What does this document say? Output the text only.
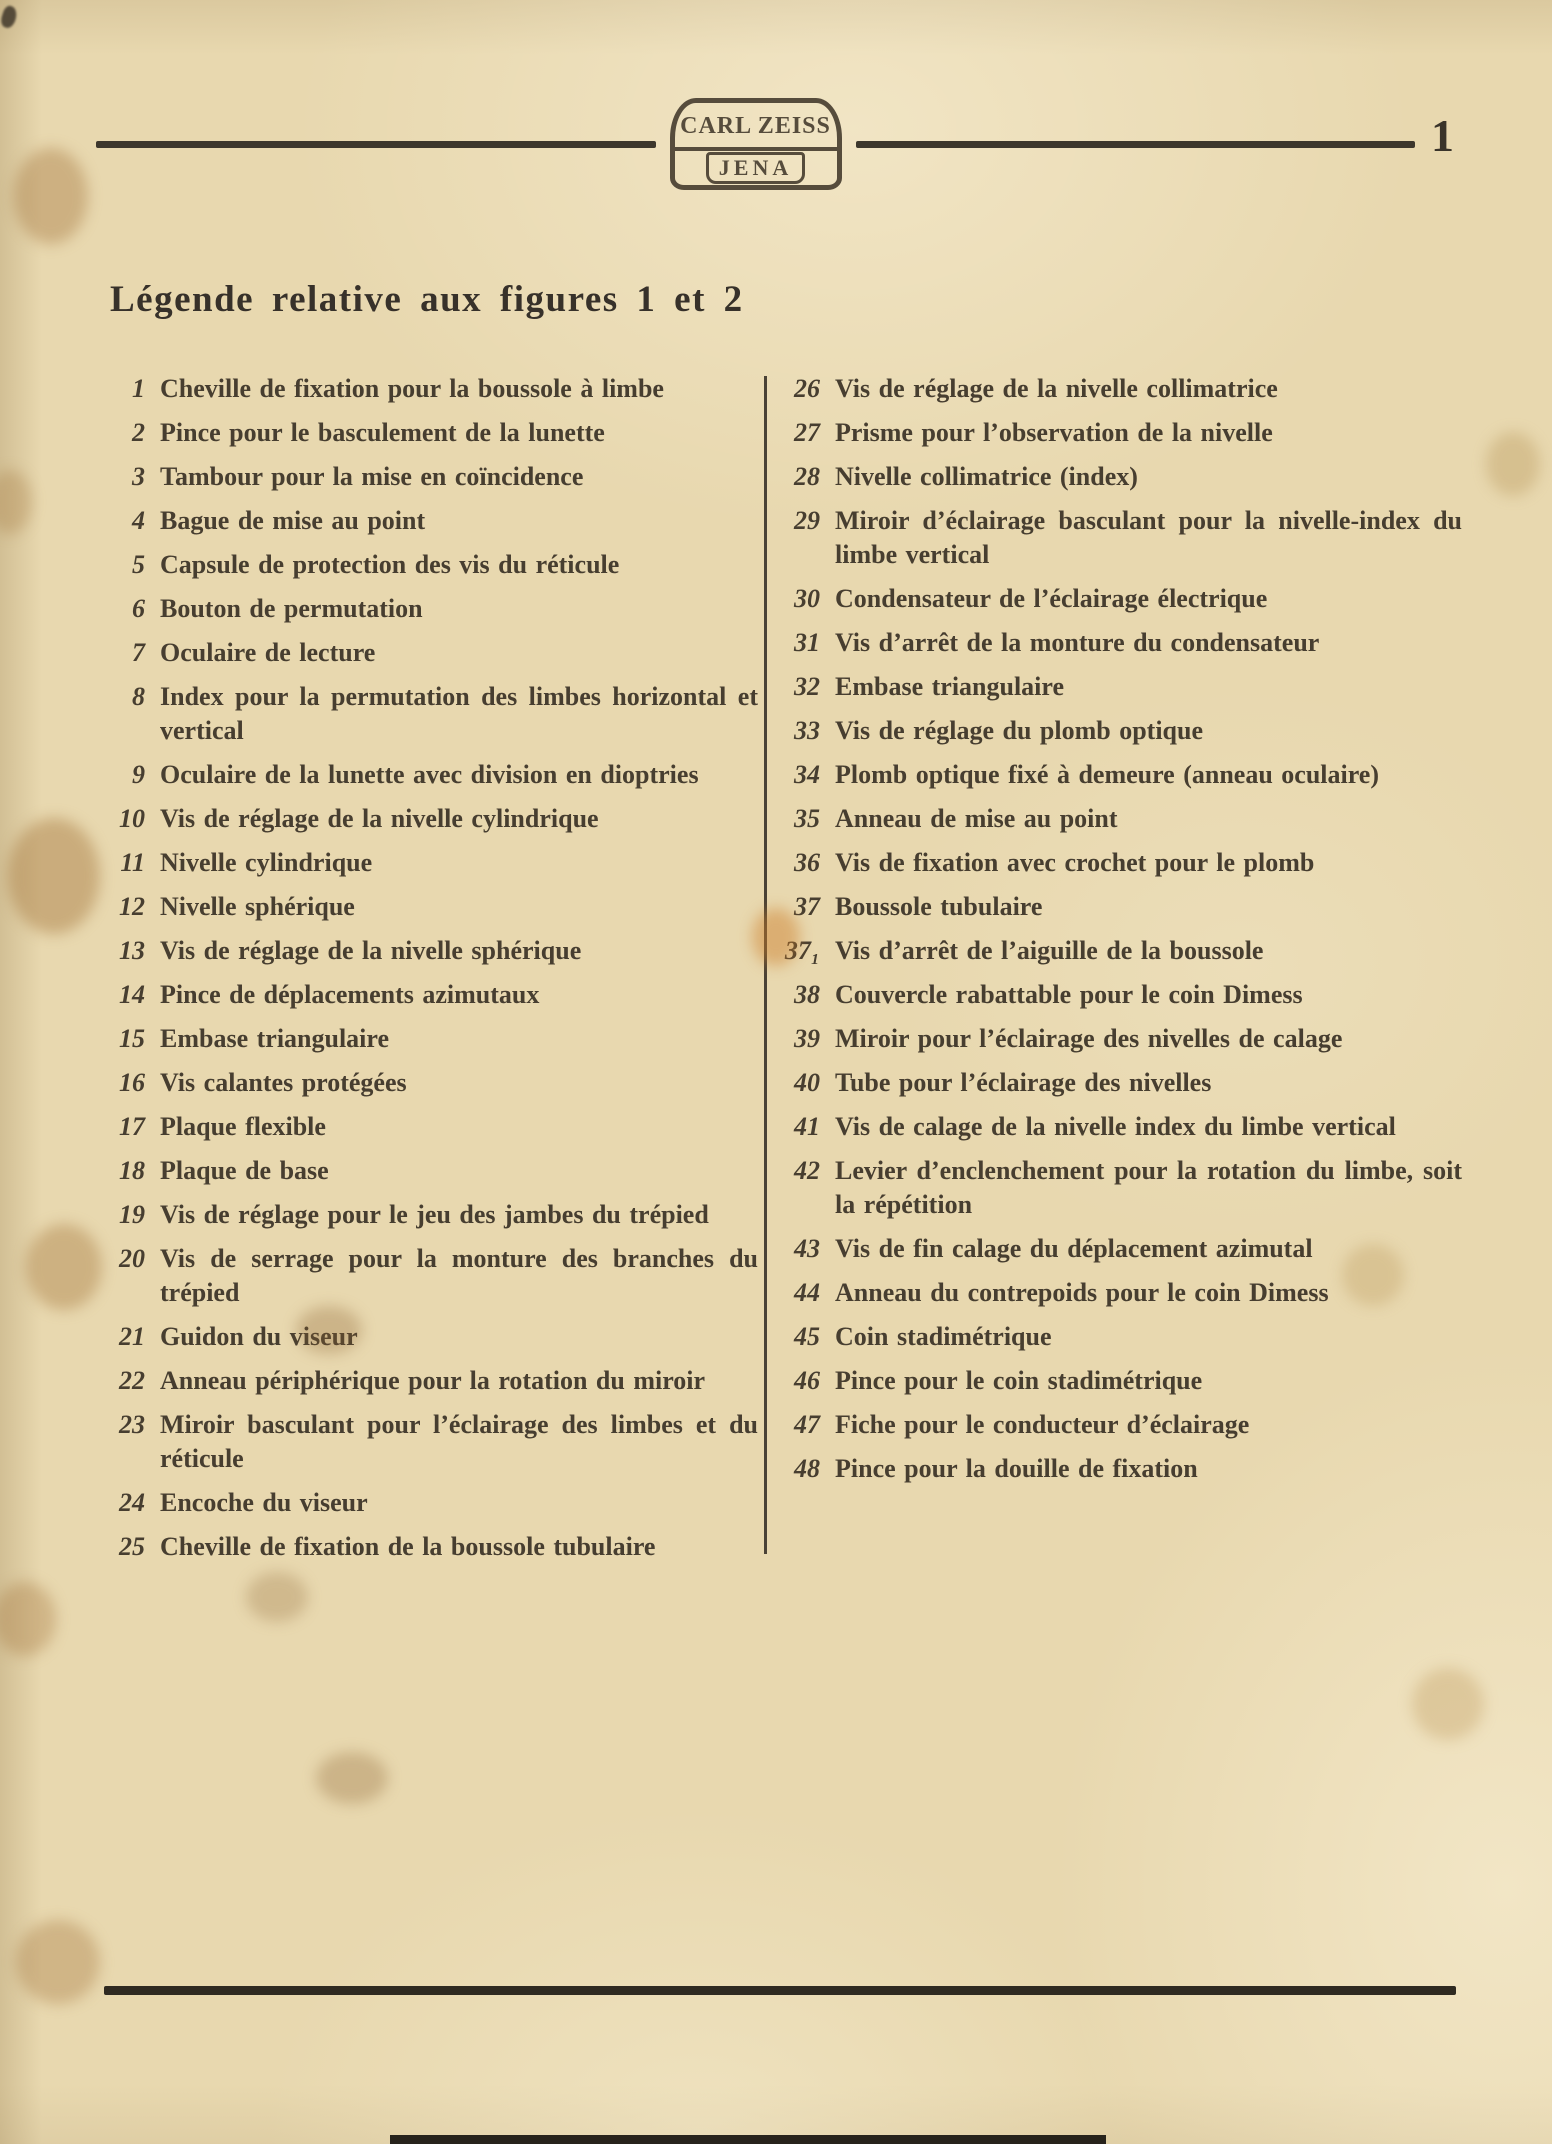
CARL ZEISS
JENA
1
Légende relative aux figures 1 et 2
1 Cheville de fixation pour la boussole à limbe
2 Pince pour le basculement de la lunette
3 Tambour pour la mise en coïncidence
4 Bague de mise au point
5 Capsule de protection des vis du réticule
6 Bouton de permutation
7 Oculaire de lecture
8 Index pour la permutation des limbes horizontal et vertical
9 Oculaire de la lunette avec division en dioptries
10 Vis de réglage de la nivelle cylindrique
11 Nivelle cylindrique
12 Nivelle sphérique
13 Vis de réglage de la nivelle sphérique
14 Pince de déplacements azimutaux
15 Embase triangulaire
16 Vis calantes protégées
17 Plaque flexible
18 Plaque de base
19 Vis de réglage pour le jeu des jambes du trépied
20 Vis de serrage pour la monture des branches du trépied
21 Guidon du viseur
22 Anneau périphérique pour la rotation du miroir
23 Miroir basculant pour l’éclairage des limbes et du réticule
24 Encoche du viseur
25 Cheville de fixation de la boussole tubulaire
26 Vis de réglage de la nivelle collimatrice
27 Prisme pour l’observation de la nivelle
28 Nivelle collimatrice (index)
29 Miroir d’éclairage basculant pour la nivelle-index du limbe vertical
30 Condensateur de l’éclairage électrique
31 Vis d’arrêt de la monture du condensateur
32 Embase triangulaire
33 Vis de réglage du plomb optique
34 Plomb optique fixé à demeure (anneau oculaire)
35 Anneau de mise au point
36 Vis de fixation avec crochet pour le plomb
37 Boussole tubulaire
37₁ Vis d’arrêt de l’aiguille de la boussole
38 Couvercle rabattable pour le coin Dimess
39 Miroir pour l’éclairage des nivelles de calage
40 Tube pour l’éclairage des nivelles
41 Vis de calage de la nivelle index du limbe vertical
42 Levier d’enclenchement pour la rotation du limbe, soit la répétition
43 Vis de fin calage du déplacement azimutal
44 Anneau du contrepoids pour le coin Dimess
45 Coin stadimétrique
46 Pince pour le coin stadimétrique
47 Fiche pour le conducteur d’éclairage
48 Pince pour la douille de fixation
